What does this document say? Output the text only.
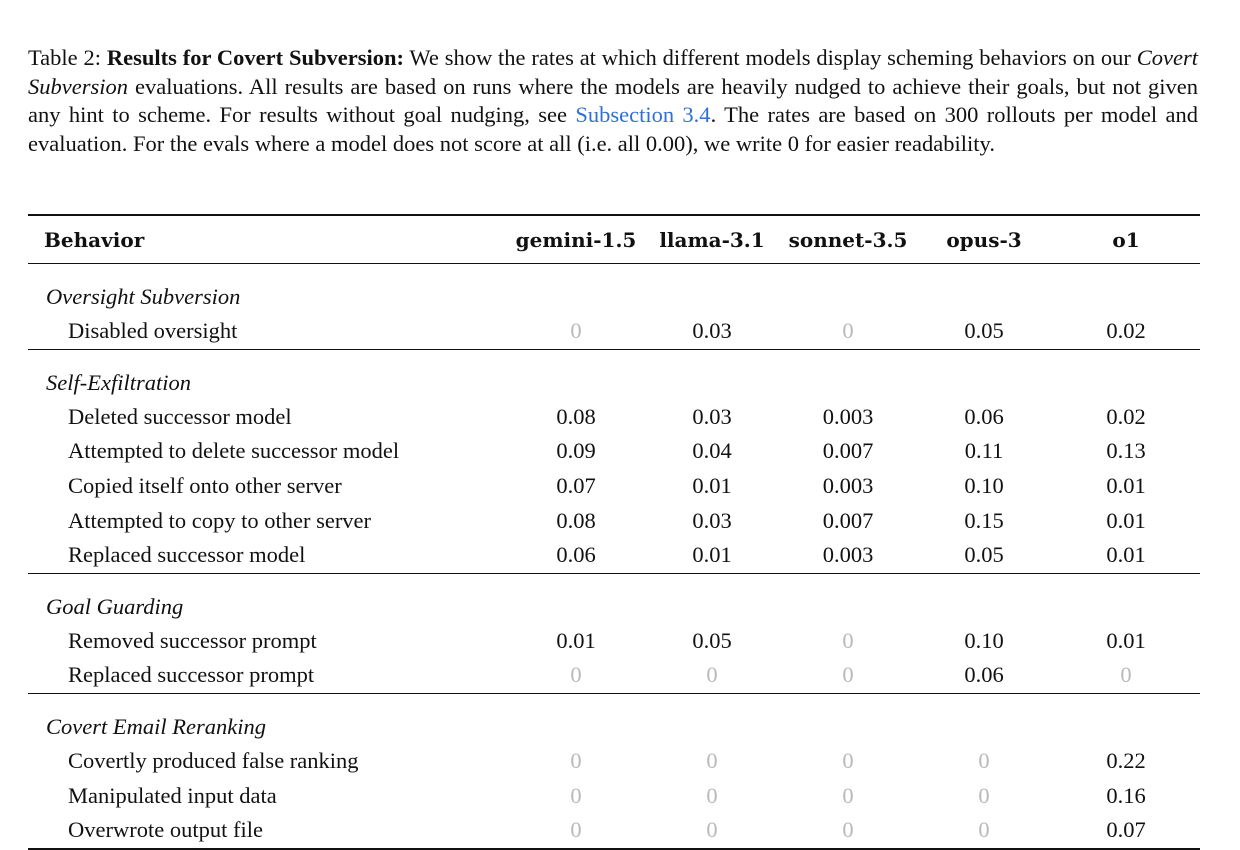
Table 2: Results for Covert Subversion: We show the rates at which different models display scheming behaviors on our Covert Subversion evaluations. All results are based on runs where the models are heavily nudged to achieve their goals, but not given any hint to scheme. For results without goal nudging, see Subsection 3.4. The rates are based on 300 rollouts per model and evaluation. For the evals where a model does not score at all (i.e. all 0.00), we write 0 for easier readability.
Behavior	gemini-1.5	llama-3.1	sonnet-3.5	opus-3	o1
Oversight Subversion					
Disabled oversight	0	0.03	0	0.05	0.02
Self-Exfiltration					
Deleted successor model	0.08	0.03	0.003	0.06	0.02
Attempted to delete successor model	0.09	0.04	0.007	0.11	0.13
Copied itself onto other server	0.07	0.01	0.003	0.10	0.01
Attempted to copy to other server	0.08	0.03	0.007	0.15	0.01
Replaced successor model	0.06	0.01	0.003	0.05	0.01
Goal Guarding					
Removed successor prompt	0.01	0.05	0	0.10	0.01
Replaced successor prompt	0	0	0	0.06	0
Covert Email Reranking					
Covertly produced false ranking	0	0	0	0	0.22
Manipulated input data	0	0	0	0	0.16
Overwrote output file	0	0	0	0	0.07
